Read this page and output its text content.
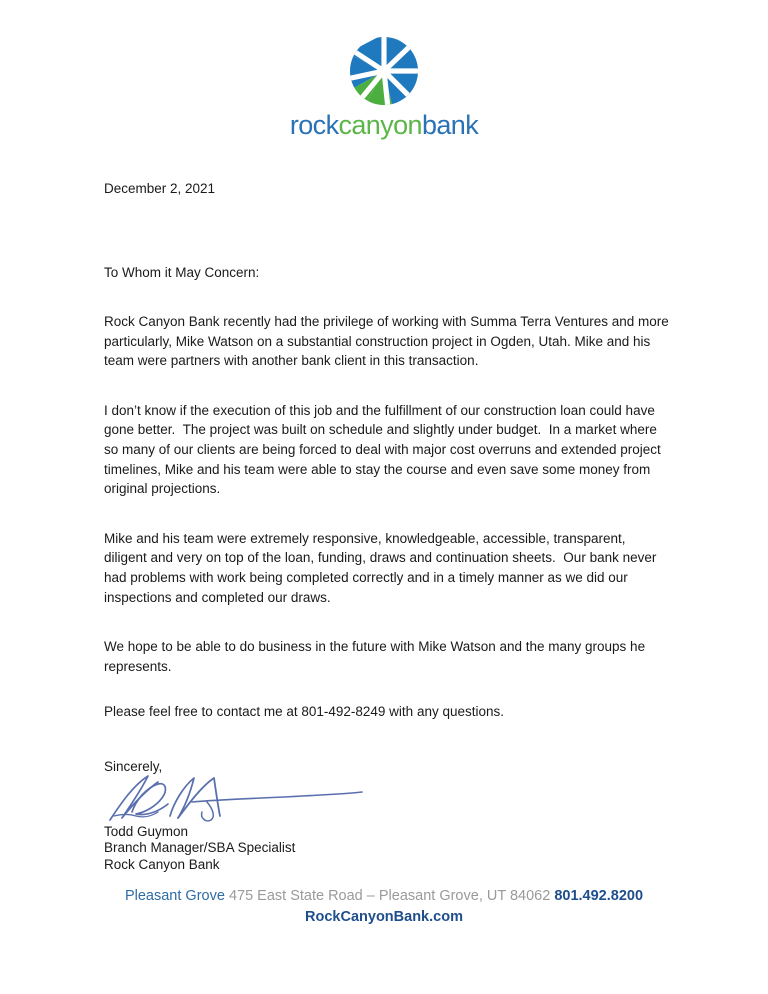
rockcanyonbank
December 2, 2021
To Whom it May Concern:

Rock Canyon Bank recently had the privilege of working with Summa Terra Ventures and more particularly, Mike Watson on a substantial construction project in Ogden, Utah. Mike and his team were partners with another bank client in this transaction.

I don’t know if the execution of this job and the fulfillment of our construction loan could have gone better.  The project was built on schedule and slightly under budget.  In a market where so many of our clients are being forced to deal with major cost overruns and extended project timelines, Mike and his team were able to stay the course and even save some money from original projections.

Mike and his team were extremely responsive, knowledgeable, accessible, transparent, diligent and very on top of the loan, funding, draws and continuation sheets.  Our bank never had problems with work being completed correctly and in a timely manner as we did our inspections and completed our draws.

We hope to be able to do business in the future with Mike Watson and the many groups he represents.

Please feel free to contact me at 801-492-8249 with any questions.

Sincerely,
Todd Guymon
Branch Manager/SBA Specialist
Rock Canyon Bank
Pleasant Grove 475 East State Road – Pleasant Grove, UT 84062 801.492.8200
RockCanyonBank.com
